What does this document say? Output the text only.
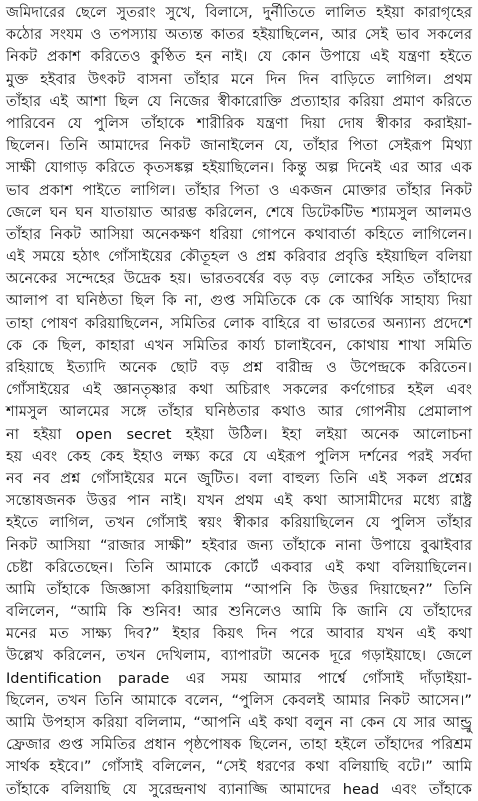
জমিদারের ছেলে সুতরাং সুখে, বিলাসে, দুর্নীতিতে লালিত হইয়া কারাগৃহের
কঠোর সংযম ও তপস্যায় অত্যন্ত কাতর হইয়াছিলেন, আর সেই ভাব সকলের
নিকট প্রকাশ করিতেও কুণ্ঠিত হন নাই। যে কোন উপায়ে এই যন্ত্রণা হইতে
মুক্ত হইবার উৎকট বাসনা তাঁহার মনে দিন দিন বাড়িতে লাগিল। প্রথম
তাঁহার এই আশা ছিল যে নিজের স্বীকারোক্তি প্রত্যাহার করিয়া প্রমাণ করিতে
পারিবেন যে পুলিস তাঁহাকে শারীরিক যন্ত্রণা দিয়া দোষ স্বীকার করাইয়া-
ছিলেন। তিনি আমাদের নিকট জানাইলেন যে, তাঁহার পিতা সেইরূপ মিথ্যা
সাক্ষী যোগাড় করিতে কৃতসঙ্কল্প হইয়াছিলেন। কিন্তু অল্প দিনেই এর আর এক
ভাব প্রকাশ পাইতে লাগিল। তাঁহার পিতা ও একজন মোক্তার তাঁহার নিকট
জেলে ঘন ঘন যাতায়াত আরম্ভ করিলেন, শেষে ডিটেকটিভ শ্যামসুল আলমও
তাঁহার নিকট আসিয়া অনেকক্ষণ ধরিয়া গোপনে কথাবার্তা কহিতে লাগিলেন।
এই সময়ে হঠাৎ গোঁসাইয়ের কৌতূহল ও প্রশ্ন করিবার প্রবৃত্তি হইয়াছিল বলিয়া
অনেকের সন্দেহের উদ্রেক হয়। ভারতবর্ষের বড় বড় লোকের সহিত তাঁহাদের
আলাপ বা ঘনিষ্ঠতা ছিল কি না, গুপ্ত সমিতিকে কে কে আর্থিক সাহায্য দিয়া
তাহা পোষণ করিয়াছিলেন, সমিতির লোক বাহিরে বা ভারতের অন্যান্য প্রদেশে
কে কে ছিল, কাহারা এখন সমিতির কার্য্য চালাইবেন, কোথায় শাখা সমিতি
রহিয়াছে ইত্যাদি অনেক ছোট বড় প্রশ্ন বারীন্দ্র ও উপেন্দ্রকে করিতেন।
গোঁসাইয়ের এই জ্ঞানতৃষ্ণার কথা অচিরাৎ সকলের কর্ণগোচর হইল এবং
শামসুল আলমের সঙ্গে তাঁহার ঘনিষ্ঠতার কথাও আর গোপনীয় প্রেমালাপ
না হইয়া open secret হইয়া উঠিল। ইহা লইয়া অনেক আলোচনা
হয় এবং কেহ কেহ ইহাও লক্ষ্য করে যে এইরূপ পুলিস দর্শনের পরই সর্বদা
নব নব প্রশ্ন গোঁসাইয়ের মনে জুটিত। বলা বাহুল্য তিনি এই সকল প্রশ্নের
সন্তোষজনক উত্তর পান নাই। যখন প্রথম এই কথা আসামীদের মধ্যে রাষ্ট্র
হইতে লাগিল, তখন গোঁসাই স্বয়ং স্বীকার করিয়াছিলেন যে পুলিস তাঁহার
নিকট আসিয়া “রাজার সাক্ষী” হইবার জন্য তাঁহাকে নানা উপায়ে বুঝাইবার
চেষ্টা করিতেছেন। তিনি আমাকে কোর্টে একবার এই কথা বলিয়াছিলেন।
আমি তাঁহাকে জিজ্ঞাসা করিয়াছিলাম “আপনি কি উত্তর দিয়াছেন?” তিনি
বলিলেন, “আমি কি শুনিব! আর শুনিলেও আমি কি জানি যে তাঁহাদের
মনের মত সাক্ষ্য দিব?” ইহার কিয়ৎ দিন পরে আবার যখন এই কথা
উল্লেখ করিলেন, তখন দেখিলাম, ব্যাপারটা অনেক দূরে গড়াইয়াছে। জেলে
Identification parade এর সময় আমার পার্শ্বে গোঁসাই দাঁড়াইয়া-
ছিলেন, তখন তিনি আমাকে বলেন, “পুলিস কেবলই আমার নিকট আসেন।”
আমি উপহাস করিয়া বলিলাম, “আপনি এই কথা বলুন না কেন যে সার আন্ড্রু
ফ্রেজার গুপ্ত সমিতির প্রধান পৃষ্ঠপোষক ছিলেন, তাহা হইলে তাঁহাদের পরিশ্রম
সার্থক হইবে।” গোঁসাই বলিলেন, “সেই ধরণের কথা বলিয়াছি বটে।” আমি
তাঁহাকে বলিয়াছি যে সুরেন্দ্রনাথ ব্যানাজ্জি আমাদের head এবং তাঁহাকে
